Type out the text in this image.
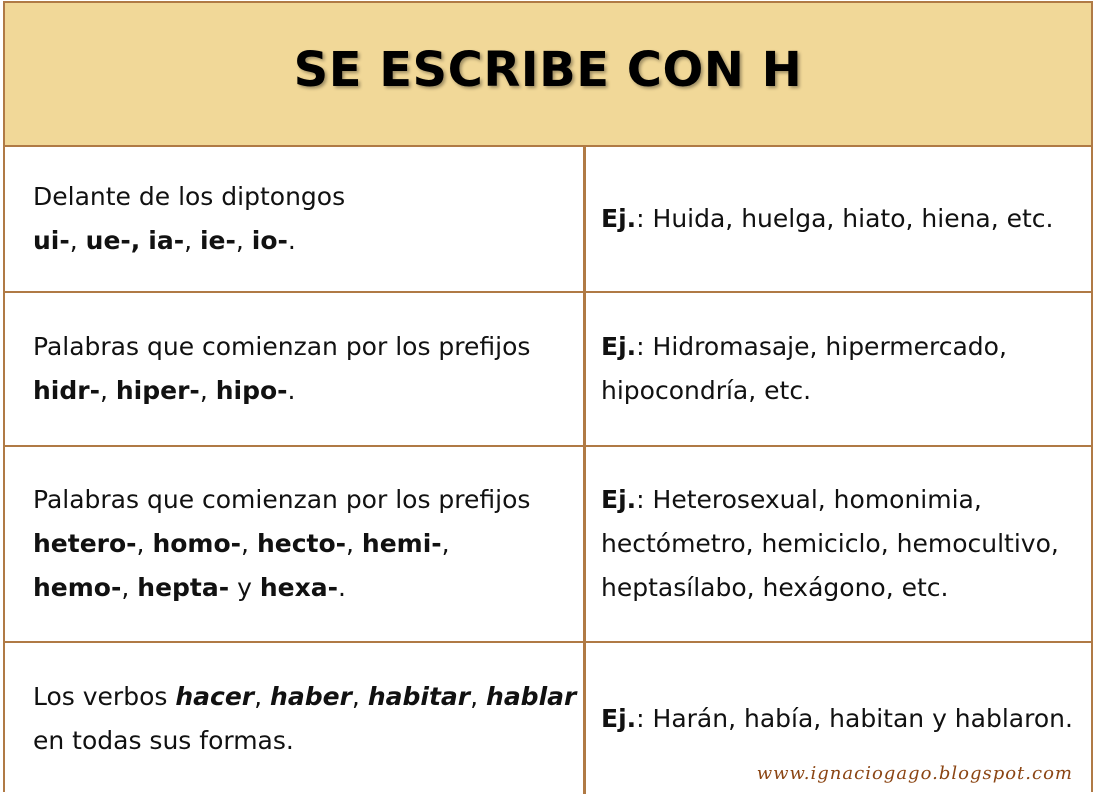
SE ESCRIBE CON H
Delante de los diptongos
ui-, ue-, ia-, ie-, io-.
Ej.: Huida, huelga, hiato, hiena, etc.
Palabras que comienzan por los prefijos
hidr-, hiper-, hipo-.
Ej.: Hidromasaje, hipermercado,
hipocondría, etc.
Palabras que comienzan por los prefijos
hetero-, homo-, hecto-, hemi-,
hemo-, hepta- y hexa-.
Ej.: Heterosexual, homonimia,
hectómetro, hemiciclo, hemocultivo,
heptasílabo, hexágono, etc.
Los verbos hacer, haber, habitar, hablar
en todas sus formas.
Ej.: Harán, había, habitan y hablaron.
www.ignaciogago.blogspot.com
